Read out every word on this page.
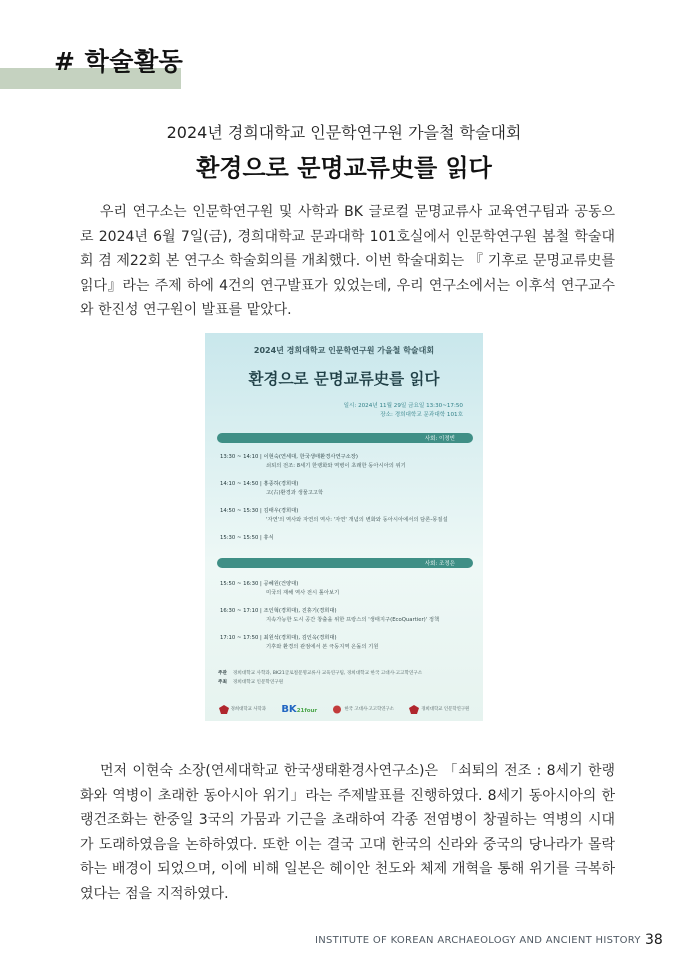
# 학술활동
2024년 경희대학교 인문학연구원 가을철 학술대회
환경으로 문명교류史를 읽다

우리 연구소는 인문학연구원 및 사학과 BK 글로컬 문명교류사 교육연구팀과 공동으로 2024년 6월 7일(금), 경희대학교 문과대학 101호실에서 인문학연구원 봄철 학술대회 겸 제22회 본 연구소 학술회의를 개최했다. 이번 학술대회는 『 기후로 문명교류史를 읽다』라는 주제 하에 4건의 연구발표가 있었는데, 우리 연구소에서는 이후석 연구교수와 한진성 연구원이 발표를 맡았다.

2024년 경희대학교 인문학연구원 가을철 학술대회
환경으로 문명교류史를 읽다
일시: 2024년 11월 29일 금요일 13:30~17:50
장소: 경희대학교 문과대학 101호
사회: 이정빈
13:30 ~ 14:10 | 이현숙(연세대, 한국생태환경사연구소장)
쇠퇴의 전조: 8세기 한랭화와 역병이 초래한 동아시아의 위기
14:10 ~ 14:50 | 홍종하(경희대)
고(古)환경과 생물고고학
14:50 ~ 15:30 | 김태우(경희대)
'자연'의 역사와 자연의 역사: '자연' 개념의 변화와 동아시아에서의 담론-몽질설
15:30 ~ 15:50 | 휴식
사회: 조정은
15:50 ~ 16:30 | 공혜원(건양대)
미국의 재해 역사 전시 톺아보기
16:30 ~ 17:10 | 조인혁(경희대), 진휴기(경희대)
지속가능한 도시 공간 창출을 위한 프랑스의 '생태지구(EcoQuartier)' 정책
17:10 ~ 17:50 | 최원석(경희대), 김인옥(경희대)
기후와 환경의 관점에서 본 극동지역 온돌의 기원
주관 경희대학교 사학과, BK21글로컬문명교류사 교육연구팀, 경희대학교 한국 고대사·고고학연구소
주최 경희대학교 인문학연구원
경희대학교 사학과 BK21four	한국 고대사·고고학연구소	경희대학교 인문학연구원

먼저 이현숙 소장(연세대학교 한국생태환경사연구소)은 「쇠퇴의 전조 : 8세기 한랭화와 역병이 초래한 동아시아 위기」라는 주제발표를 진행하였다. 8세기 동아시아의 한랭건조화는 한중일 3국의 가뭄과 기근을 초래하여 각종 전염병이 창궐하는 역병의 시대가 도래하였음을 논하하였다. 또한 이는 결국 고대 한국의 신라와 중국의 당나라가 몰락하는 배경이 되었으며, 이에 비해 일본은 헤이안 천도와 체제 개혁을 통해 위기를 극복하였다는 점을 지적하였다.

INSTITUTE OF KOREAN ARCHAEOLOGY AND ANCIENT HISTORY 38
